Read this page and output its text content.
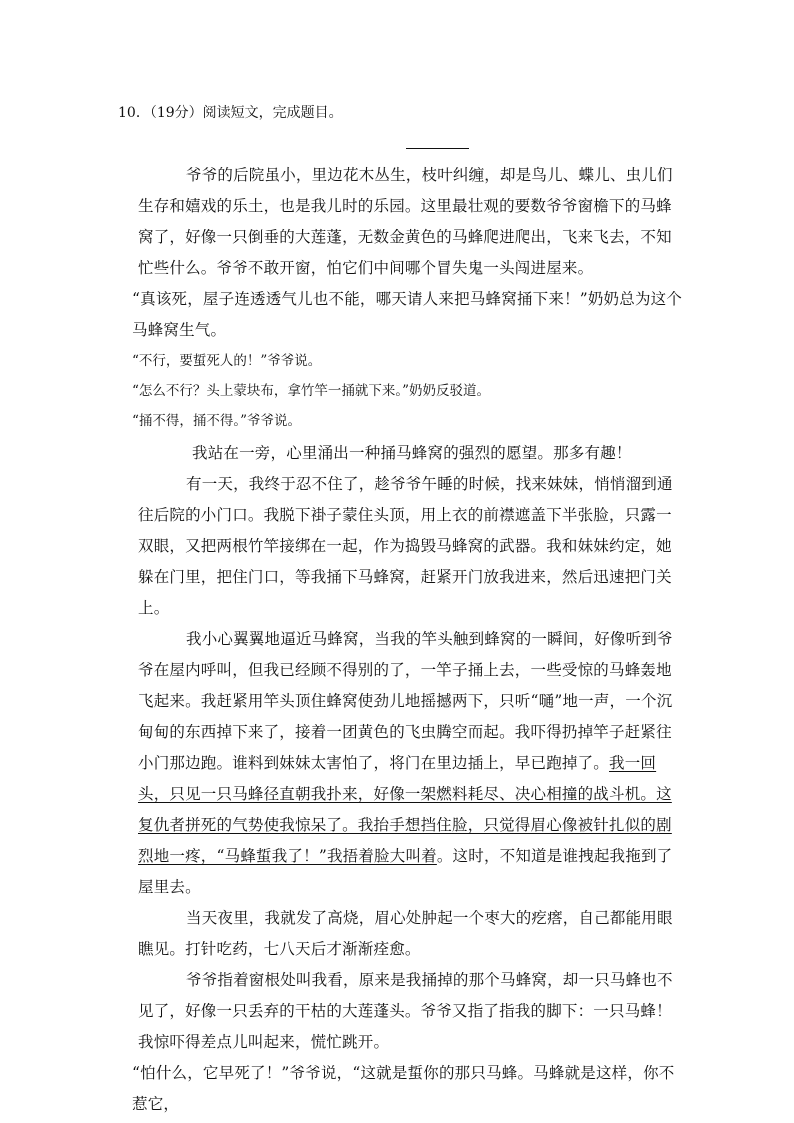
10．（19分）阅读短文，完成题目。

爷爷的后院虽小，里边花木丛生，枝叶纠缠，却是鸟儿、蝶儿、虫儿们生存和嬉戏的乐土，也是我儿时的乐园。这里最壮观的要数爷爷窗檐下的马蜂窝了，好像一只倒垂的大莲蓬，无数金黄色的马蜂爬进爬出，飞来飞去，不知忙些什么。爷爷不敢开窗，怕它们中间哪个冒失鬼一头闯进屋来。

“真该死，屋子连透透气儿也不能，哪天请人来把马蜂窝捅下来！”奶奶总为这个马蜂窝生气。

“不行，要蜇死人的！”爷爷说。

“怎么不行？头上蒙块布，拿竹竿一捅就下来。”奶奶反驳道。

“捅不得，捅不得。”爷爷说。

我站在一旁，心里涌出一种捅马蜂窝的强烈的愿望。那多有趣！

有一天，我终于忍不住了，趁爷爷午睡的时候，找来妹妹，悄悄溜到通往后院的小门口。我脱下褂子蒙住头顶，用上衣的前襟遮盖下半张脸，只露一双眼，又把两根竹竿接绑在一起，作为捣毁马蜂窝的武器。我和妹妹约定，她躲在门里，把住门口，等我捅下马蜂窝，赶紧开门放我进来，然后迅速把门关上。

我小心翼翼地逼近马蜂窝，当我的竿头触到蜂窝的一瞬间，好像听到爷爷在屋内呼叫，但我已经顾不得别的了，一竿子捅上去，一些受惊的马蜂轰地飞起来。我赶紧用竿头顶住蜂窝使劲儿地摇撼两下，只听“嗵”地一声，一个沉甸甸的东西掉下来了，接着一团黄色的飞虫腾空而起。我吓得扔掉竿子赶紧往小门那边跑。谁料到妹妹太害怕了，将门在里边插上，早已跑掉了。我一回头，只见一只马蜂径直朝我扑来，好像一架燃料耗尽、决心相撞的战斗机。这复仇者拼死的气势使我惊呆了。我抬手想挡住脸，只觉得眉心像被针扎似的剧烈地一疼，“马蜂蜇我了！”我捂着脸大叫着。这时，不知道是谁拽起我拖到了屋里去。

当天夜里，我就发了高烧，眉心处肿起一个枣大的疙瘩，自己都能用眼瞧见。打针吃药，七八天后才渐渐痊愈。

爷爷指着窗根处叫我看，原来是我捅掉的那个马蜂窝，却一只马蜂也不见了，好像一只丢弃的干枯的大莲蓬头。爷爷又指了指我的脚下：一只马蜂！我惊吓得差点儿叫起来，慌忙跳开。

“怕什么，它早死了！”爷爷说，“这就是蜇你的那只马蜂。马蜂就是这样，你不惹它，
